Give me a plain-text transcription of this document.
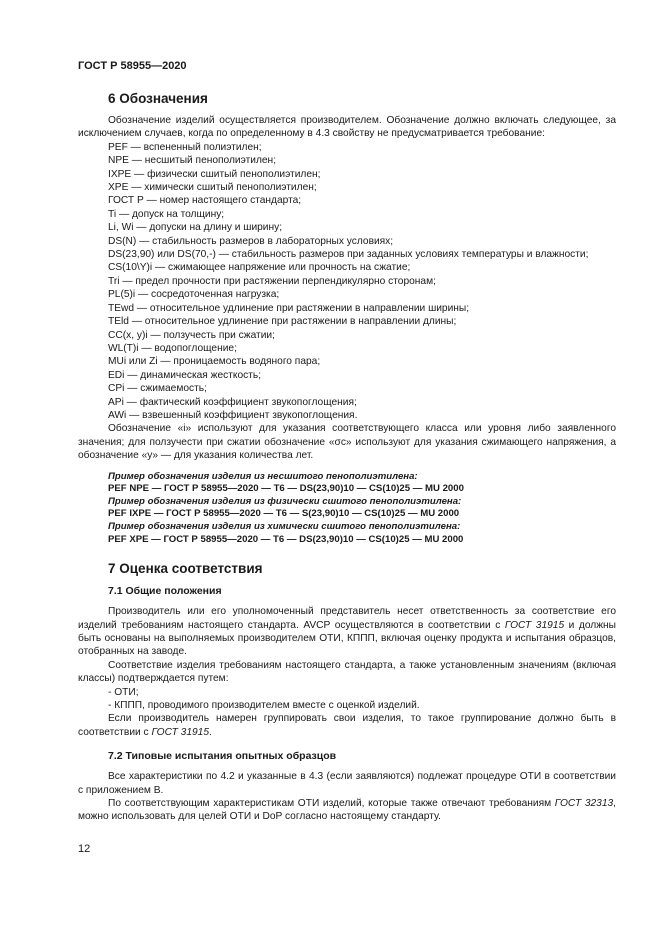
ГОСТ Р 58955—2020
6 Обозначения

Обозначение изделий осуществляется производителем. Обозначение должно включать следующее, за исключением случаев, когда по определенному в 4.3 свойству не предусматривается требование:

PEF — вспененный полиэтилен;
NPE — несшитый пенополиэтилен;
IXPE — физически сшитый пенополиэтилен;
XPE — химически сшитый пенополиэтилен;
ГОСТ Р — номер настоящего стандарта;
Ti — допуск на толщину;
Li, Wi — допуски на длину и ширину;
DS(N) — стабильность размеров в лабораторных условиях;

DS(23,90) или DS(70,-) — стабильность размеров при заданных условиях температуры и влажности;

CS(10\Y)i — сжимающее напряжение или прочность на сжатие;
Tri — предел прочности при растяжении перпендикулярно сторонам;
PL(5)i — сосредоточенная нагрузка;
TEwd — относительное удлинение при растяжении в направлении ширины;
TEld — относительное удлинение при растяжении в направлении длины;
CC(x, y)i — ползучесть при сжатии;
WL(T)i — водопоглощение;
MUi или Zi — проницаемость водяного пара;
EDi — динамическая жесткость;
CPi — сжимаемость;
APi — фактический коэффициент звукопоглощения;
AWi — взвешенный коэффициент звукопоглощения.

Обозначение «i» используют для указания соответствующего класса или уровня либо заявленного значения; для ползучести при сжатии обозначение «σc» используют для указания сжимающего напряжения, а обозначение «y» — для указания количества лет.

Пример обозначения изделия из несшитого пенополиэтилена:
PEF NPE — ГОСТ Р 58955—2020 — T6 — DS(23,90)10 — CS(10)25 — MU 2000
Пример обозначения изделия из физически сшитого пенополиэтилена:
PEF IXPE — ГОСТ Р 58955—2020 — T6 — S(23,90)10 — CS(10)25 — MU 2000
Пример обозначения изделия из химически сшитого пенополиэтилена:
PEF XPE — ГОСТ Р 58955—2020 — T6 — DS(23,90)10 — CS(10)25 — MU 2000
7 Оценка соответствия
7.1 Общие положения

Производитель или его уполномоченный представитель несет ответственность за соответствие его изделий требованиям настоящего стандарта. AVCP осуществляются в соответствии с ГОСТ 31915 и должны быть основаны на выполняемых производителем ОТИ, КППП, включая оценку продукта и испытания образцов, отобранных на заводе.

Соответствие изделия требованиям настоящего стандарта, а также установленным значениям (включая классы) подтверждается путем:

- ОТИ;
- КППП, проводимого производителем вместе с оценкой изделий.

Если производитель намерен группировать свои изделия, то такое группирование должно быть в соответствии с ГОСТ 31915.

7.2 Типовые испытания опытных образцов

Все характеристики по 4.2 и указанные в 4.3 (если заявляются) подлежат процедуре ОТИ в соответствии с приложением В.

По соответствующим характеристикам ОТИ изделий, которые также отвечают требованиям ГОСТ 32313, можно использовать для целей ОТИ и DoP согласно настоящему стандарту.

12
